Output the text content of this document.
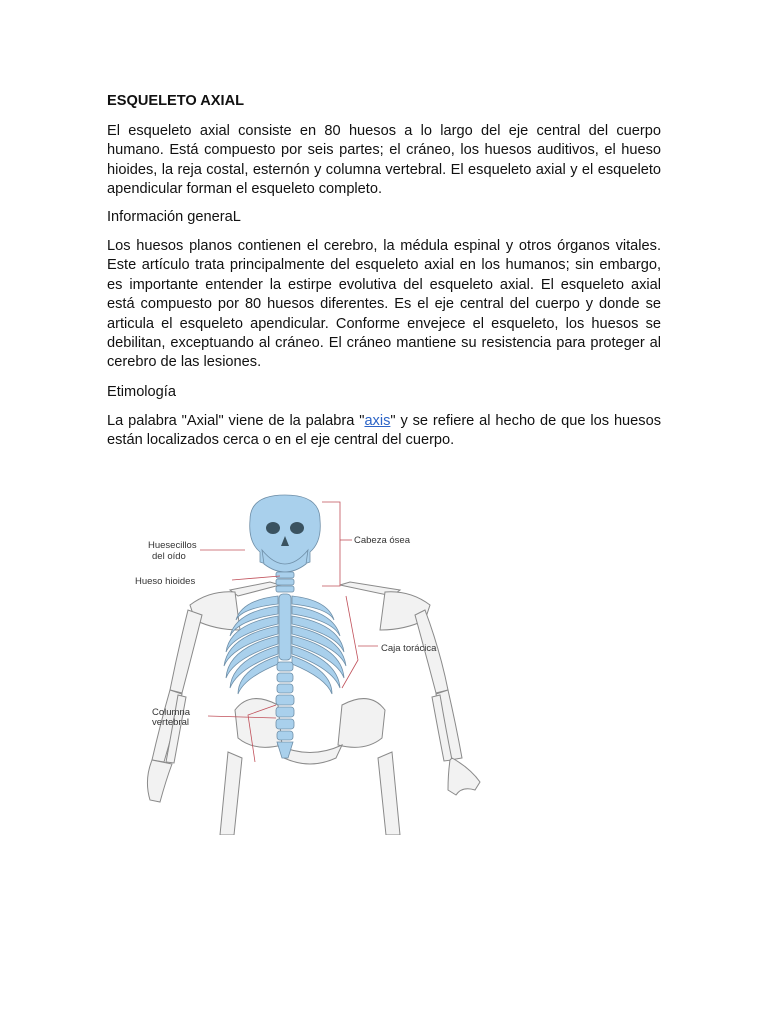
ESQUELETO AXIAL
El esqueleto axial consiste en 80 huesos a lo largo del eje central del cuerpo humano. Está compuesto por seis partes; el cráneo, los huesos auditivos, el hueso hioides, la reja costal, esternón y columna vertebral. El esqueleto axial y el esqueleto apendicular forman el esqueleto completo.
Información generaL
Los huesos planos contienen el cerebro, la médula espinal y otros órganos vitales. Este artículo trata principalmente del esqueleto axial en los humanos; sin embargo, es importante entender la estirpe evolutiva del esqueleto axial. El esqueleto axial está compuesto por 80 huesos diferentes. Es el eje central del cuerpo y donde se articula el esqueleto apendicular. Conforme envejece el esqueleto, los huesos se debilitan, exceptuando al cráneo. El cráneo mantiene su resistencia para proteger al cerebro de las lesiones.
Etimología
La palabra "Axial" viene de la palabra "axis" y se refiere al hecho de que los huesos están localizados cerca o en el eje central del cuerpo.
Huesecillos
del oído
Hueso hioides
Columna
vertebral
Cabeza ósea
Caja torácica
